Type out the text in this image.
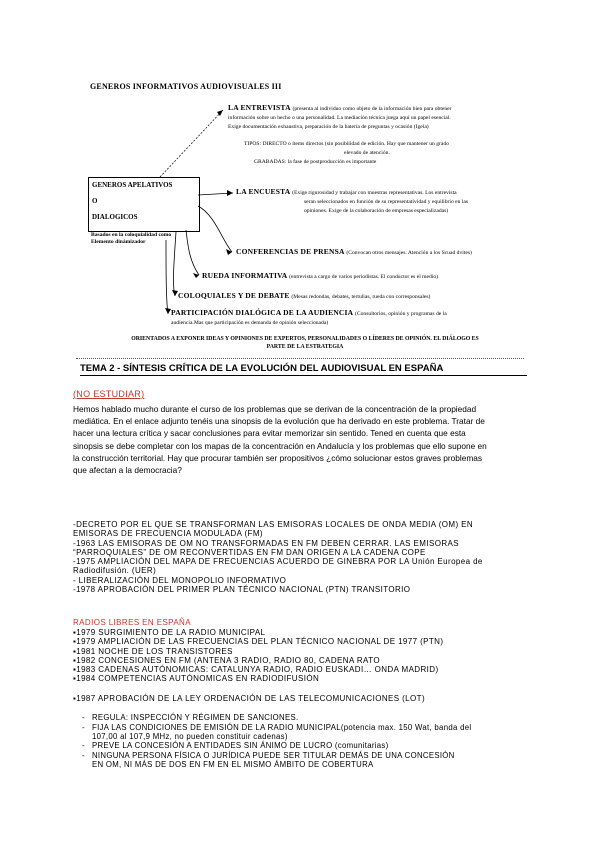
GENEROS INFORMATIVOS AUDIOVISUALES III
LA ENTREVISTA (presenta al individuo como objeto de la información bien para obtener
información sobre un hecho o una personalidad. La mediación técnica juega aquí un papel esencial.
Exige documentación exhaustiva, preparación de la batería de preguntas y ocasión (Igela)
TIPOS: DIRECTO o ítems directos (sin posibilidad de edición. Hay que mantener un grado
elevado de atención.
GRABADAS: la fase de postproducción es importante
GENEROS APELATIVOS

O

DIALOGICOS
Basados en la coloquialidad como
Elemento dinámizador
LA ENCUESTA (Exige rigurosidad y trabajar con muestras representativas. Los entrevista
seran seleccionados en función de su representatividad y equilibrio en las
opiniones. Exige de la colaboración de empresas especializadas)
CONFERENCIAS DE PRENSA (Convocan otros mensajes. Atención a los Scuad dvites)
RUEDA INFORMATIVA (entrevista a cargo de varios periodistas. El conductor es el medio)
COLOQUIALES Y DE DEBATE (Mesas redondas, debates, tertulias, rueda con corresponsales)
PARTICIPACIÓN DIALÓGICA DE LA AUDIENCIA (Consultorios, opinión y programas de la
audiencia.Mas que participación es demanda de opinión seleccionada)
ORIENTADOS A EXPONER IDEAS Y OPINIONES DE EXPERTOS, PERSONALIDADES O LÍDERES DE OPINIÓN. EL DIÁLOGO ES
PARTE DE LA ESTRATEGIA
TEMA 2 - SÍNTESIS CRÍTICA DE LA EVOLUCIÓN DEL AUDIOVISUAL EN ESPAÑA
(NO ESTUDIAR)
Hemos hablado mucho durante el curso de los problemas que se derivan de la concentración de la propiedad
mediática. En el enlace adjunto tenéis una sinopsis de la evolución que ha derivado en este problema. Tratar de
hacer una lectura crítica y sacar conclusiones para evitar memorizar sin sentido. Tened en cuenta que esta
sinopsis se debe completar con los mapas de la concentración en Andalucía y los problemas que ello supone en
la construcción territorial. Hay que procurar también ser propositivos ¿cómo solucionar estos graves problemas
que afectan a la democracia?
-DECRETO POR EL QUE SE TRANSFORMAN LAS EMISORAS LOCALES DE ONDA MEDIA (OM) EN
EMISORAS DE FRECUENCIA MODULADA (FM)
-1963 LAS EMISORAS DE OM NO TRANSFORMADAS EN FM DEBEN CERRAR. LAS EMISORAS
“PARROQUIALES” DE OM RECONVERTIDAS EN FM DAN ORIGEN A LA CADENA COPE
-1975 AMPLIACIÓN DEL MAPA DE FRECUENCIAS ACUERDO DE GINEBRA POR LA Unión Europea de
Radiodifusión. (UER)
- LIBERALIZACIÓN DEL MONOPOLIO INFORMATIVO
-1978 APROBACIÓN DEL PRIMER PLAN TÉCNICO NACIONAL (PTN) TRANSITORIO
RADIOS LIBRES EN ESPAÑA
▪1979 SURGIMIENTO DE LA RADIO MUNICIPAL
▪1979 AMPLIACIÓN DE LAS FRECUENCIAS DEL PLAN TÉCNICO NACIONAL DE 1977 (PTN)
▪1981 NOCHE DE LOS TRANSISTORES
▪1982 CONCESIONES EN FM (ANTENA 3 RADIO, RADIO 80, CADENA RATO
▪1983 CADENAS AUTÓNOMICAS: CATALUNYA RADIO, RADIO EUSKADI… ONDA MADRID)
▪1984 COMPETENCIAS AUTÓNOMICAS EN RADIODIFUSIÓN
▪1987 APROBACIÓN DE LA LEY ORDENACIÓN DE LAS TELECOMUNICACIONES (LOT)
- REGULA: INSPECCIÓN Y RÉGIMEN DE SANCIONES.
- FIJA LAS CONDICIONES DE EMISIÓN DE LA RADIO MUNICIPAL(potencia max. 150 Wat, banda del
107,00 al 107,9 MHz, no pueden constituir cadenas)
- PREVE LA CONCESIÓN A ENTIDADES SIN ÁNIMO DE LUCRO (comunitarias)
- NINGUNA PERSONA FÍSICA O JURÍDICA PUEDE SER TITULAR DEMÁS DE UNA CONCESIÓN
EN OM, NI MÁS DE DOS EN FM EN EL MISMO ÁMBITO DE COBERTURA
